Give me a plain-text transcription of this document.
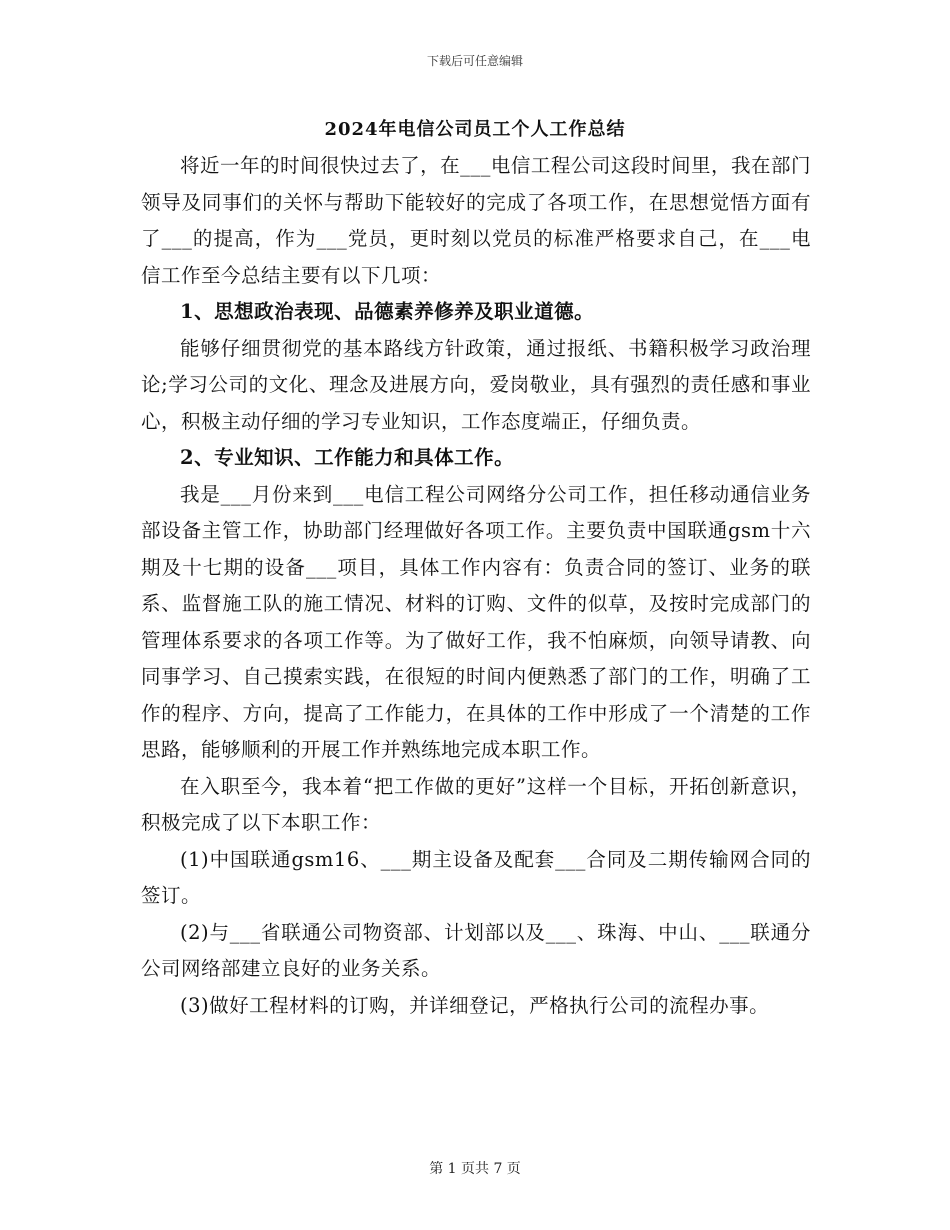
下载后可任意编辑
2024年电信公司员工个人工作总结

将近一年的时间很快过去了，在___电信工程公司这段时间里，我在部门领导及同事们的关怀与帮助下能较好的完成了各项工作，在思想觉悟方面有了___的提高，作为___党员，更时刻以党员的标准严格要求自己，在___电信工作至今总结主要有以下几项：

1、思想政治表现、品德素养修养及职业道德。

能够仔细贯彻党的基本路线方针政策，通过报纸、书籍积极学习政治理论;学习公司的文化、理念及进展方向，爱岗敬业，具有强烈的责任感和事业心，积极主动仔细的学习专业知识，工作态度端正，仔细负责。

2、专业知识、工作能力和具体工作。

我是___月份来到___电信工程公司网络分公司工作，担任移动通信业务部设备主管工作，协助部门经理做好各项工作。主要负责中国联通gsm十六期及十七期的设备___项目，具体工作内容有：负责合同的签订、业务的联系、监督施工队的施工情况、材料的订购、文件的似草，及按时完成部门的管理体系要求的各项工作等。为了做好工作，我不怕麻烦，向领导请教、向同事学习、自己摸索实践，在很短的时间内便熟悉了部门的工作，明确了工作的程序、方向，提高了工作能力，在具体的工作中形成了一个清楚的工作思路，能够顺利的开展工作并熟练地完成本职工作。

在入职至今，我本着“把工作做的更好”这样一个目标，开拓创新意识，积极完成了以下本职工作：

(1)中国联通gsm16、___期主设备及配套___合同及二期传输网合同的签订。

(2)与___省联通公司物资部、计划部以及___、珠海、中山、___联通分公司网络部建立良好的业务关系。

(3)做好工程材料的订购，并详细登记，严格执行公司的流程办事。

第 1 页共 7 页
